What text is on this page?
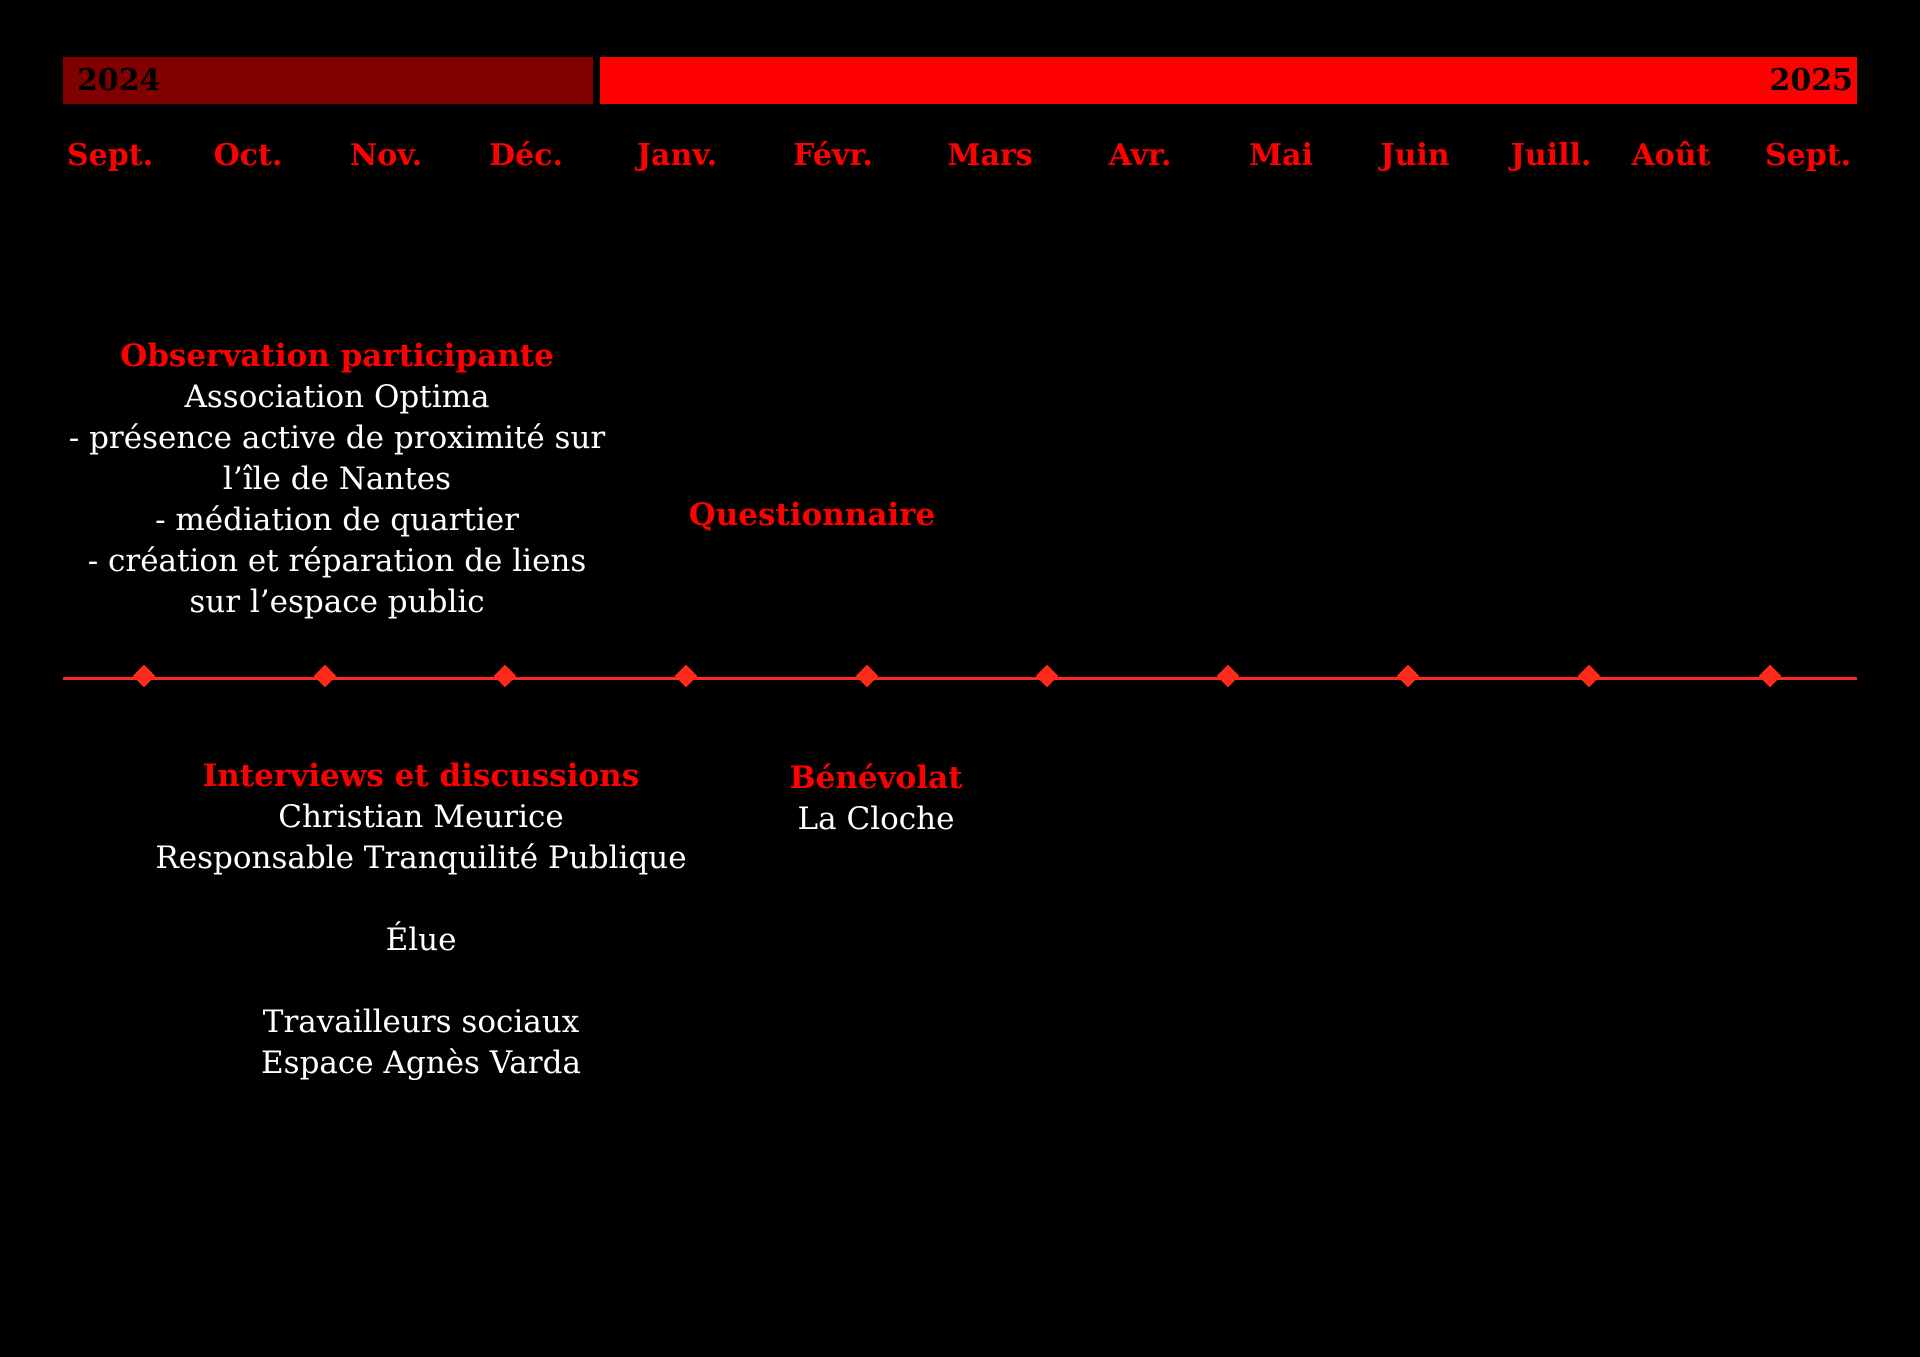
2024	2025
Sept. Oct. Nov. Déc. Janv.	Févr. Mars	Avr.	Mai Juin Juill. Août Sept.
Observation participante
Association Optima
- présence active de proximité sur
l’île de Nantes
- médiation de quartier
- création et réparation de liens
sur l’espace public
Questionnaire
Interviews et discussions
Christian Meurice
Responsable Tranquilité Publique
Élue
Travailleurs sociaux
Espace Agnès Varda
Bénévolat
La Cloche
